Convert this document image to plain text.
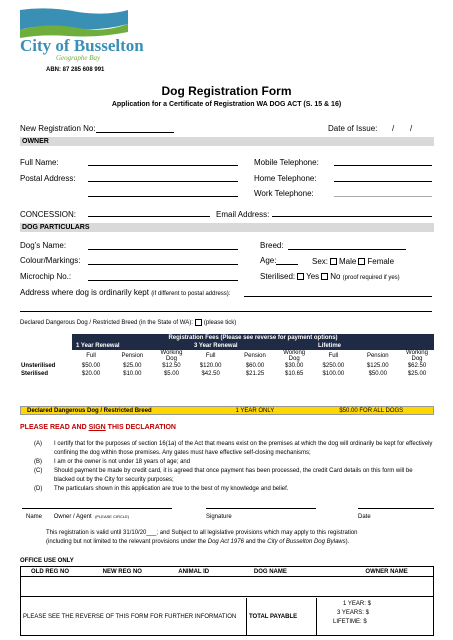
City of Busselton
Geographe Bay
ABN: 87 285 608 991
Dog Registration Form
Application for a Certificate of Registration WA DOG ACT (S. 15 & 16)
New Registration No:	Date of Issue: / /
OWNER
Full Name:
Postal Address:
Mobile Telephone:
Home Telephone:
Work Telephone:
CONCESSION:	Email Address:
DOG PARTICULARS
Dog’s Name:
Colour/Markings:
Microchip No.:
Breed:
Age:	Sex: Male Female
Sterilised: Yes No (proof required if yes)
Address where dog is ordinarily kept (if different to postal address):
Declared Dangerous Dog / Restricted Breed (in the State of WA): (please tick)
Registration Fees (Please see reverse for payment options)
1 Year Renewal	3 Year Renewal	Lifetime
	Full	Pension	Working Dog	Full	Pension	Working Dog	Full	Pension	Working Dog
Unsterilised	$50.00	$25.00	$12.50	$120.00	$60.00	$30.00	$250.00	$125.00	$62.50
Sterilised	$20.00	$10.00	$5.00	$42.50	$21.25	$10.65	$100.00	$50.00	$25.00
Declared Dangerous Dog / Restricted Breed	1 YEAR ONLY	$50.00 FOR ALL DOGS
PLEASE READ AND SIGN THIS DECLARATION
(A)	I certify that for the purposes of section 16(1a) of the Act that means exist on the premises at which the dog will ordinarily be kept for effectively confining the dog within those premises. Any gates must have effective self-closing mechanisms;
(B)	I am or the owner is not under 18 years of age; and
(C)	Should payment be made by credit card, it is agreed that once payment has been processed, the credit Card details on this form will be blacked out by the City for security purposes;
(D)	The particulars shown in this application are true to the best of my knowledge and belief.
Name Owner / Agent (PLEASE CIRCLE)	Signature	Date
This registration is valid until 31/10/20___; and Subject to all legislative provisions which may apply to this registration
(including but not limited to the relevant provisions under the Dog Act 1976 and the City of Busselton Dog Bylaws).
OFFICE USE ONLY
OLD REG NO	NEW REG NO	ANIMAL ID	DOG NAME	OWNER NAME
PLEASE SEE THE REVERSE OF THIS FORM FOR FURTHER INFORMATION	TOTAL PAYABLE
1 YEAR: $
3 YEARS: $
LIFETIME: $
